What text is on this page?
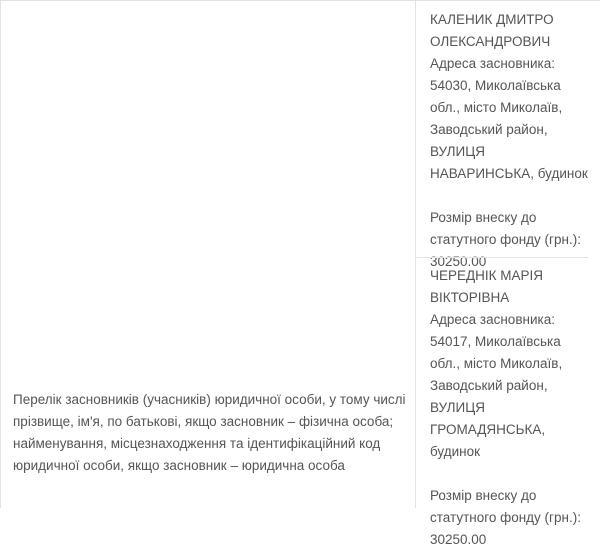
Перелік засновників (учасників) юридичної особи, у тому числі прізвище, ім'я, по батькові, якщо засновник – фізична особа; найменування, місцезнаходження та ідентифікаційний код юридичної особи, якщо засновник – юридична особа

КАЛЕНИК ДМИТРО ОЛЕКСАНДРОВИЧ

Адреса засновника: 54030, Миколаївська обл., місто Миколаїв, Заводський район, ВУЛИЦЯ НАВАРИНСЬКА, будинок

Розмір внеску до статутного фонду (грн.): 30250.00

ЧЕРЕДНІК МАРІЯ ВІКТОРІВНА

Адреса засновника: 54017, Миколаївська обл., місто Миколаїв, Заводський район, ВУЛИЦЯ ГРОМАДЯНСЬКА, будинок

Розмір внеску до статутного фонду (грн.): 30250.00
